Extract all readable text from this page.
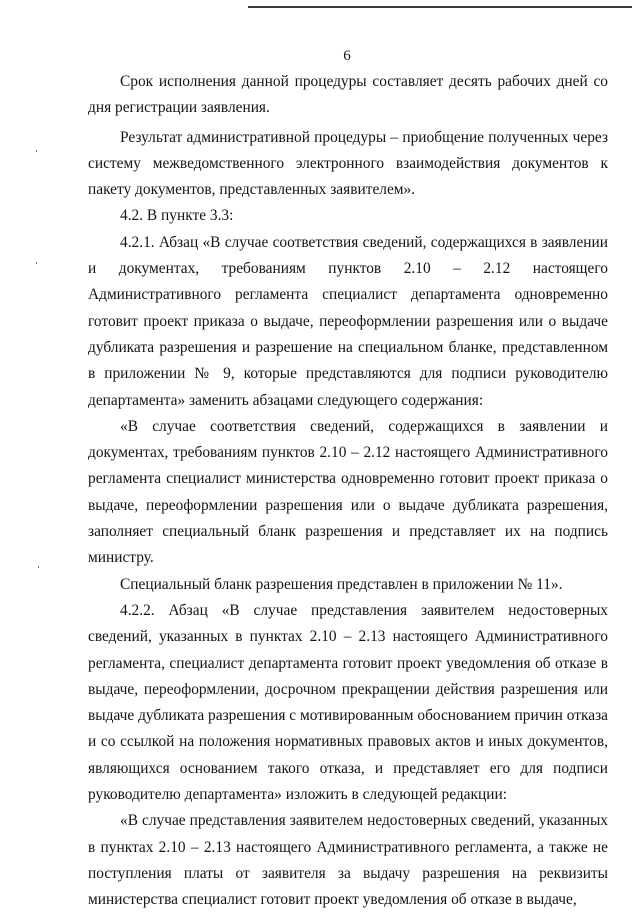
6

Срок исполнения данной процедуры составляет десять рабочих дней со дня регистрации заявления.

Результат административной процедуры – приобщение полученных через систему межведомственного электронного взаимодействия документов к пакету документов, представленных заявителем».

4.2. В пункте 3.3:

4.2.1. Абзац «В случае соответствия сведений, содержащихся в заявлении и документах, требованиям пунктов 2.10 – 2.12 настоящего Административного регламента специалист департамента одновременно готовит проект приказа о выдаче, переоформлении разрешения или о выдаче дубликата разрешения и разрешение на специальном бланке, представленном в приложении № 9, которые представляются для подписи руководителю департамента» заменить абзацами следующего содержания:

«В случае соответствия сведений, содержащихся в заявлении и документах, требованиям пунктов 2.10 – 2.12 настоящего Административного регламента специалист министерства одновременно готовит проект приказа о выдаче, переоформлении разрешения или о выдаче дубликата разрешения, заполняет специальный бланк разрешения и представляет их на подпись министру.

Специальный бланк разрешения представлен в приложении № 11».

4.2.2. Абзац «В случае представления заявителем недостоверных сведений, указанных в пунктах 2.10 – 2.13 настоящего Административного регламента, специалист департамента готовит проект уведомления об отказе в выдаче, переоформлении, досрочном прекращении действия разрешения или выдаче дубликата разрешения с мотивированным обоснованием причин отказа и со ссылкой на положения нормативных правовых актов и иных документов, являющихся основанием такого отказа, и представляет его для подписи руководителю департамента» изложить в следующей редакции:

«В случае представления заявителем недостоверных сведений, указанных в пунктах 2.10 – 2.13 настоящего Административного регламента, а также не поступления платы от заявителя за выдачу разрешения на реквизиты министерства специалист готовит проект уведомления об отказе в выдаче,
